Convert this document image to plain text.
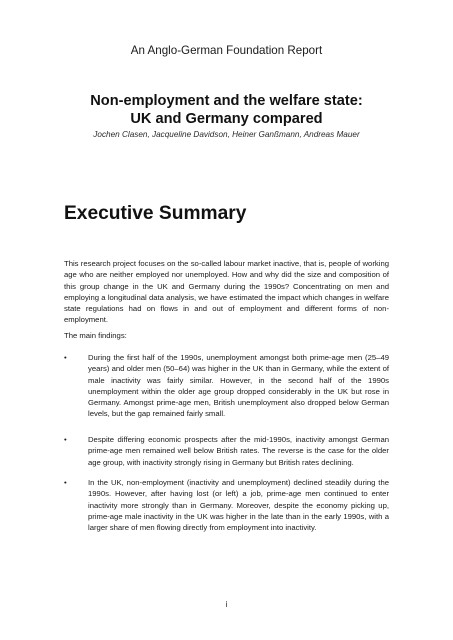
An Anglo-German Foundation Report
Non-employment and the welfare state:
UK and Germany compared
Jochen Clasen, Jacqueline Davidson, Heiner Ganßmann, Andreas Mauer
Executive Summary

This research project focuses on the so-called labour market inactive, that is, people of working age who are neither employed nor unemployed. How and why did the size and composition of this group change in the UK and Germany during the 1990s? Concentrating on men and employing a longitudinal data analysis, we have estimated the impact which changes in welfare state regulations had on flows in and out of employment and different forms of non-employment.

The main findings:

•	During the first half of the 1990s, unemployment amongst both prime-age men (25–49 years) and older men (50–64) was higher in the UK than in Germany, while the extent of male inactivity was fairly similar. However, in the second half of the 1990s unemployment within the older age group dropped considerably in the UK but rose in Germany. Amongst prime-age men, British unemployment also dropped below German levels, but the gap remained fairly small.

•	Despite differing economic prospects after the mid-1990s, inactivity amongst German prime-age men remained well below British rates. The reverse is the case for the older age group, with inactivity strongly rising in Germany but British rates declining.

•	In the UK, non-employment (inactivity and unemployment) declined steadily during the 1990s. However, after having lost (or left) a job, prime-age men continued to enter inactivity more strongly than in Germany. Moreover, despite the economy picking up, prime-age male inactivity in the UK was higher in the late than in the early 1990s, with a larger share of men flowing directly from employment into inactivity.

i
